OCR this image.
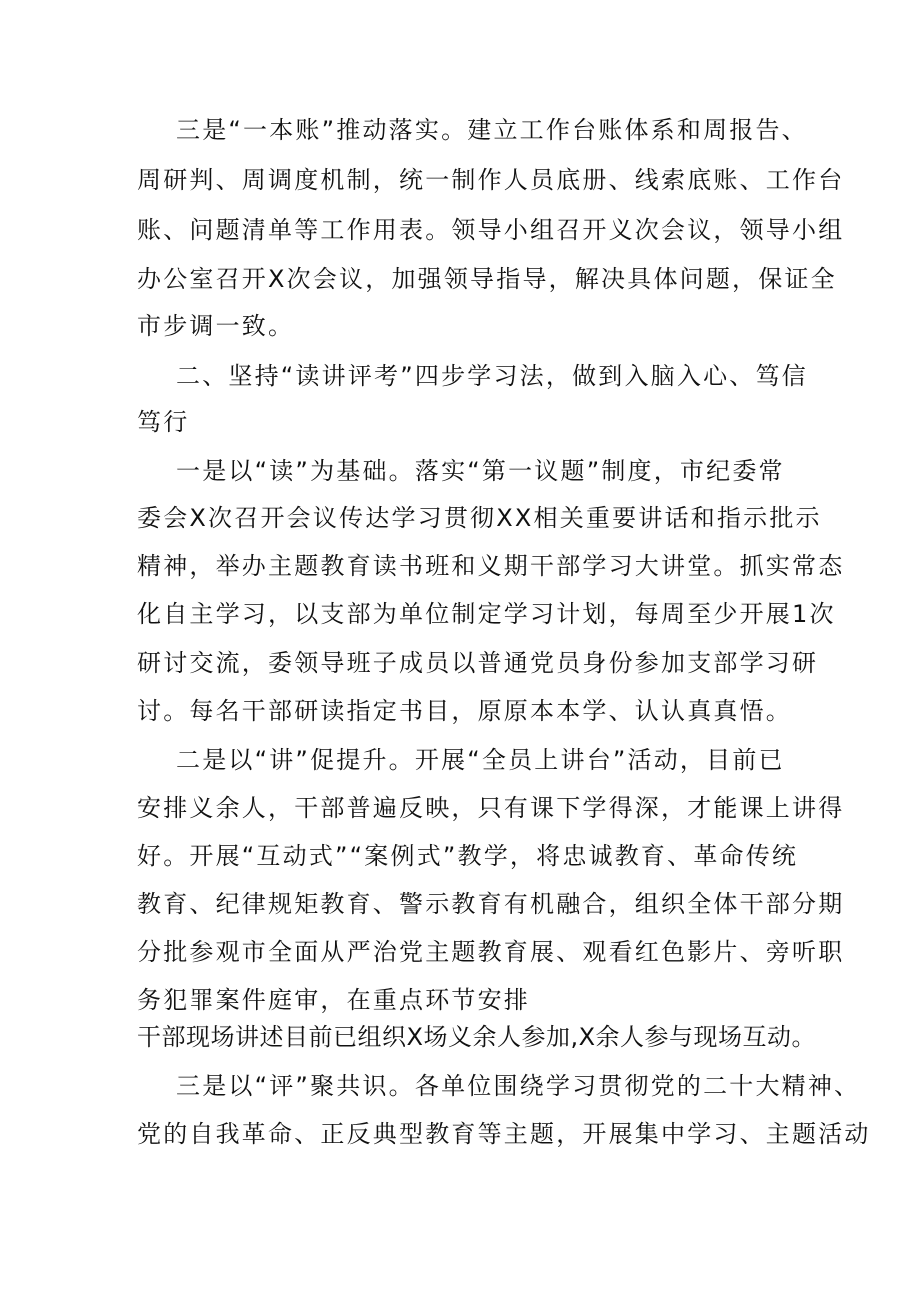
三是“一本账”推动落实。建立工作台账体系和周报告、
周研判、周调度机制，统一制作人员底册、线索底账、工作台
账、问题清单等工作用表。领导小组召开义次会议，领导小组
办公室召开X次会议，加强领导指导，解决具体问题，保证全
市步调一致。
二、坚持“读讲评考”四步学习法，做到入脑入心、笃信
笃行
一是以“读”为基础。落实“第一议题”制度，市纪委常
委会X次召开会议传达学习贯彻XX相关重要讲话和指示批示
精神，举办主题教育读书班和义期干部学习大讲堂。抓实常态
化自主学习，以支部为单位制定学习计划，每周至少开展1次
研讨交流，委领导班子成员以普通党员身份参加支部学习研
讨。每名干部研读指定书目，原原本本学、认认真真悟。
二是以“讲”促提升。开展“全员上讲台”活动，目前已
安排义余人，干部普遍反映，只有课下学得深，才能课上讲得
好。开展“互动式”“案例式”教学，将忠诚教育、革命传统
教育、纪律规矩教育、警示教育有机融合，组织全体干部分期
分批参观市全面从严治党主题教育展、观看红色影片、旁听职
务犯罪案件庭审，在重点环节安排
干部现场讲述目前已组织X场义余人参加,X余人参与现场互动。
三是以“评”聚共识。各单位围绕学习贯彻党的二十大精神、
党的自我革命、正反典型教育等主题，开展集中学习、主题活动
